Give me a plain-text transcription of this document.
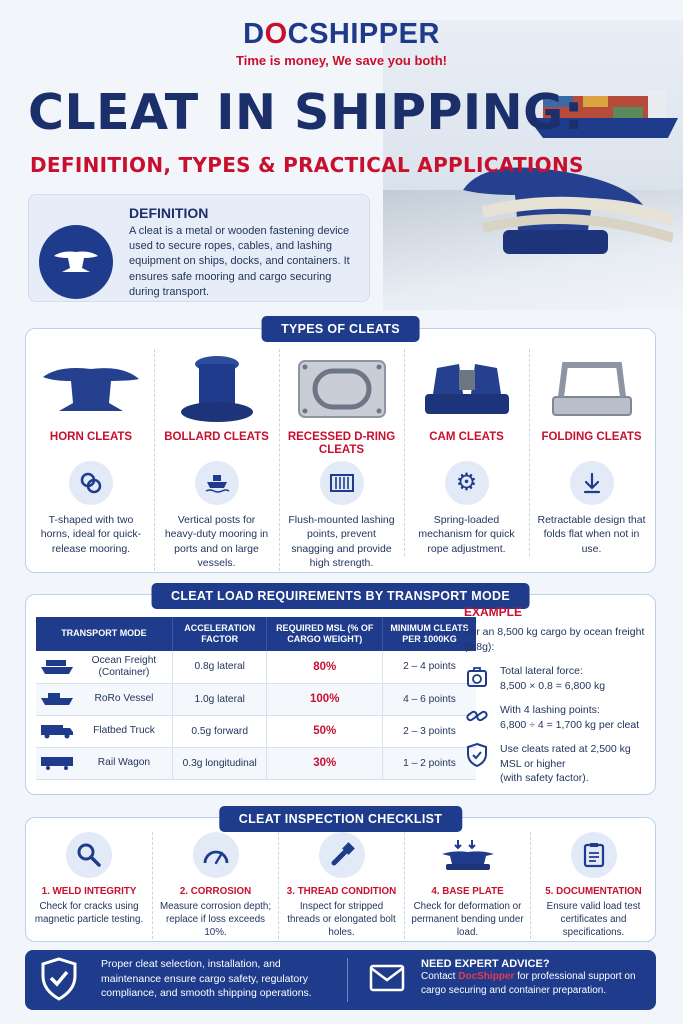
DOCSHIPPER
Time is money, We save you both!
CLEAT IN SHIPPING:
DEFINITION, TYPES & PRACTICAL APPLICATIONS
DEFINITION
A cleat is a metal or wooden fastening device used to secure ropes, cables, and lashing equipment on ships, docks, and containers. It ensures safe mooring and cargo securing during transport.
TYPES OF CLEATS
HORN CLEATS
T-shaped with two horns, ideal for quick-release mooring.
BOLLARD CLEATS
Vertical posts for heavy-duty mooring in ports and on large vessels.
RECESSED D-RING CLEATS
Flush-mounted lashing points, prevent snagging and provide high strength.
CAM CLEATS
⚙
Spring-loaded mechanism for quick rope adjustment.
FOLDING CLEATS
Retractable design that folds flat when not in use.
CLEAT LOAD REQUIREMENTS BY TRANSPORT MODE
TRANSPORT MODE	ACCELERATION FACTOR	REQUIRED MSL (% OF CARGO WEIGHT)	MINIMUM CLEATS PER 1000KG

Ocean Freight (Container)	0.8g lateral	80%	2 – 4 points

RoRo Vessel	1.0g lateral	100%	4 – 6 points

Flatbed Truck	0.5g forward	50%	2 – 3 points

Rail Wagon	0.3g longitudinal	30%	1 – 2 points
EXAMPLE
For an 8,500 kg cargo by ocean freight (0.8g):
Total lateral force:
8,500 × 0.8 = 6,800 kg
With 4 lashing points:
6,800 ÷ 4 = 1,700 kg per cleat
Use cleats rated at 2,500 kg MSL or higher
(with safety factor).
CLEAT INSPECTION CHECKLIST
1. WELD INTEGRITY
Check for cracks using magnetic particle testing.
2. CORROSION
Measure corrosion depth; replace if loss exceeds 10%.
3. THREAD CONDITION
Inspect for stripped threads or elongated bolt holes.
4. BASE PLATE
Check for deformation or permanent bending under load.
5. DOCUMENTATION
Ensure valid load test certificates and specifications.
Proper cleat selection, installation, and maintenance ensure cargo safety, regulatory compliance, and smooth shipping operations.
NEED EXPERT ADVICE?
Contact DocShipper for professional support on cargo securing and container preparation.
